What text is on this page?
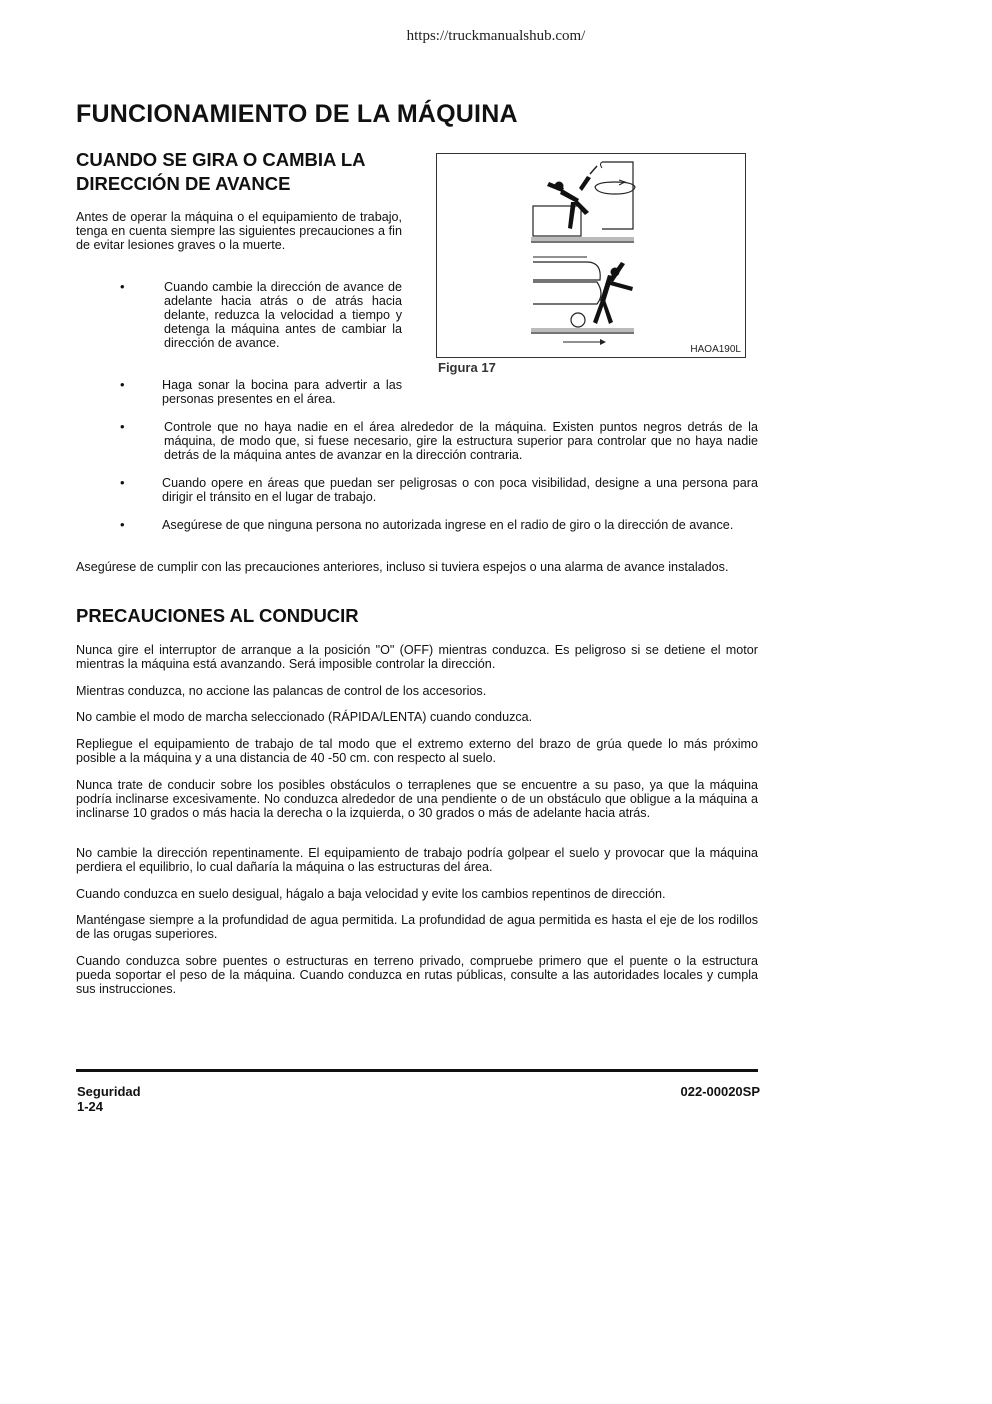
https://truckmanualshub.com/
FUNCIONAMIENTO DE LA MÁQUINA
CUANDO SE GIRA O CAMBIA LA
DIRECCIÓN DE AVANCE

Antes de operar la máquina o el equipamiento de trabajo, tenga en cuenta siempre las siguientes precauciones a fin de evitar lesiones graves o la muerte.

•	Cuando cambie la dirección de avance de adelante hacia atrás o de atrás hacia delante, reduzca la velocidad a tiempo y detenga la máquina antes de cambiar la dirección de avance.

•	Haga sonar la bocina para advertir a las personas presentes en el área.

•	Controle que no haya nadie en el área alrededor de la máquina. Existen puntos negros detrás de la máquina, de modo que, si fuese necesario, gire la estructura superior para controlar que no haya nadie detrás de la máquina antes de avanzar en la dirección contraria.

•	Cuando opere en áreas que puedan ser peligrosas o con poca visibilidad, designe a una persona para dirigir el tránsito en el lugar de trabajo.

•	Asegúrese de que ninguna persona no autorizada ingrese en el radio de giro o la dirección de avance.

Asegúrese de cumplir con las precauciones anteriores, incluso si tuviera espejos o una alarma de avance instalados.

HAOA190L
Figura 17
PRECAUCIONES AL CONDUCIR

Nunca gire el interruptor de arranque a la posición "O" (OFF) mientras conduzca. Es peligroso si se detiene el motor mientras la máquina está avanzando. Será imposible controlar la dirección.

Mientras conduzca, no accione las palancas de control de los accesorios.

No cambie el modo de marcha seleccionado (RÁPIDA/LENTA) cuando conduzca.

Repliegue el equipamiento de trabajo de tal modo que el extremo externo del brazo de grúa quede lo más próximo posible a la máquina y a una distancia de 40 -50 cm. con respecto al suelo.

Nunca trate de conducir sobre los posibles obstáculos o terraplenes que se encuentre a su paso, ya que la máquina podría inclinarse excesivamente. No conduzca alrededor de una pendiente o de un obstáculo que obligue a la máquina a inclinarse 10 grados o más hacia la derecha o la izquierda, o 30 grados o más de adelante hacia atrás.

No cambie la dirección repentinamente. El equipamiento de trabajo podría golpear el suelo y provocar que la máquina perdiera el equilibrio, lo cual dañaría la máquina o las estructuras del área.

Cuando conduzca en suelo desigual, hágalo a baja velocidad y evite los cambios repentinos de dirección.

Manténgase siempre a la profundidad de agua permitida. La profundidad de agua permitida es hasta el eje de los rodillos de las orugas superiores.

Cuando conduzca sobre puentes o estructuras en terreno privado, compruebe primero que el puente o la estructura pueda soportar el peso de la máquina. Cuando conduzca en rutas públicas, consulte a las autoridades locales y cumpla sus instrucciones.

Seguridad
1-24
022-00020SP
